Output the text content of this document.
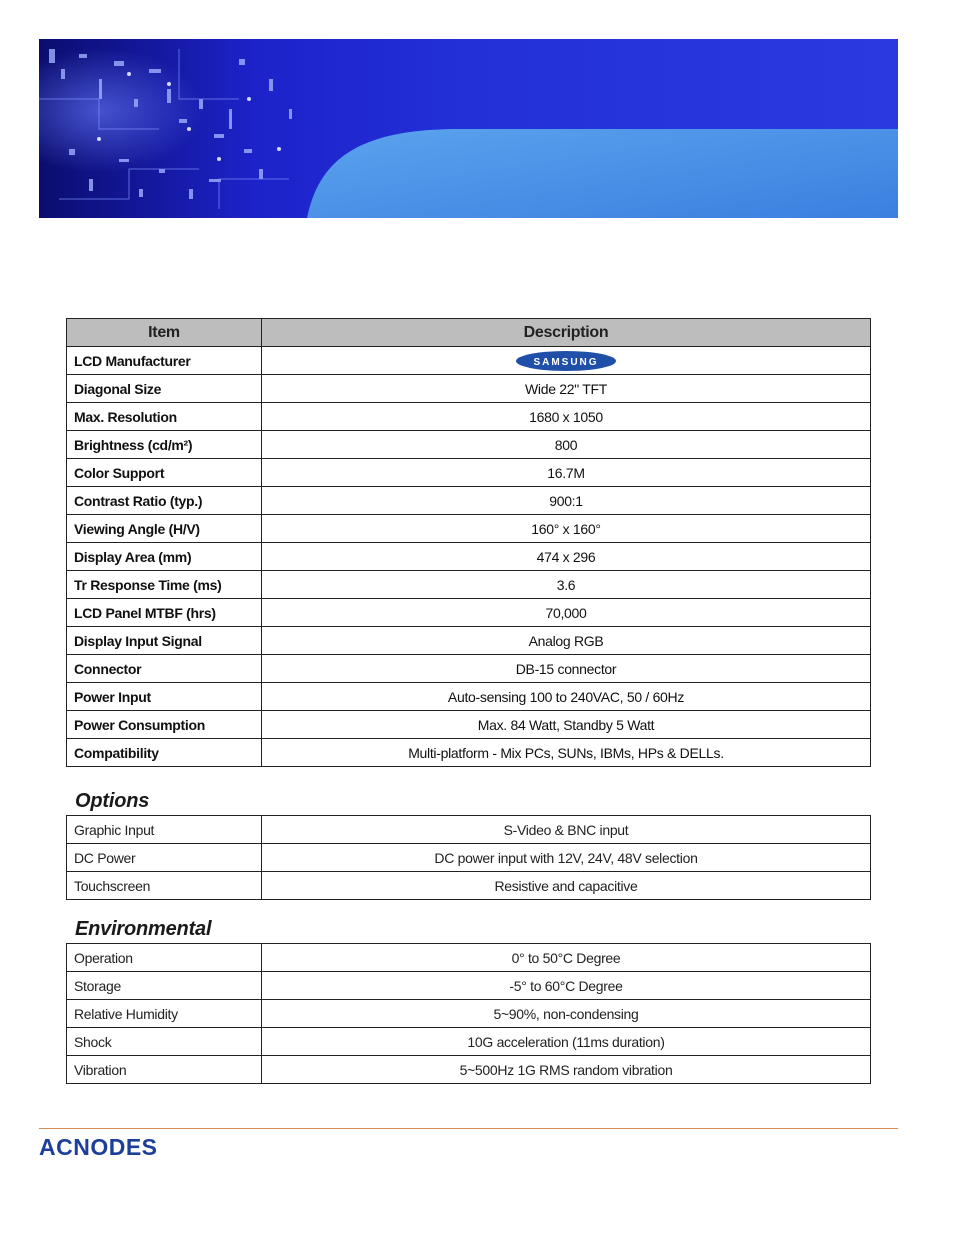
Item	Description
LCD Manufacturer	SAMSUNG

Diagonal Size	Wide 22" TFT
Max. Resolution	1680 x 1050
Brightness (cd/m²)	800
Color Support	16.7M
Contrast Ratio (typ.)	900:1
Viewing Angle (H/V)	160° x 160°
Display Area (mm)	474 x 296
Tr Response Time (ms)	3.6
LCD Panel MTBF (hrs)	70,000
Display Input Signal	Analog RGB
Connector	DB-15 connector
Power Input	Auto-sensing 100 to 240VAC, 50 / 60Hz
Power Consumption	Max. 84 Watt, Standby 5 Watt
Compatibility	Multi-platform - Mix PCs, SUNs, IBMs, HPs & DELLs.
Options
Graphic Input	S-Video & BNC input
DC Power	DC power input with 12V, 24V, 48V selection
Touchscreen	Resistive and capacitive
Environmental
Operation	0° to 50°C Degree
Storage	-5° to 60°C Degree
Relative Humidity	5~90%, non-condensing
Shock	10G acceleration (11ms duration)
Vibration	5~500Hz 1G RMS random vibration
ACNODES
